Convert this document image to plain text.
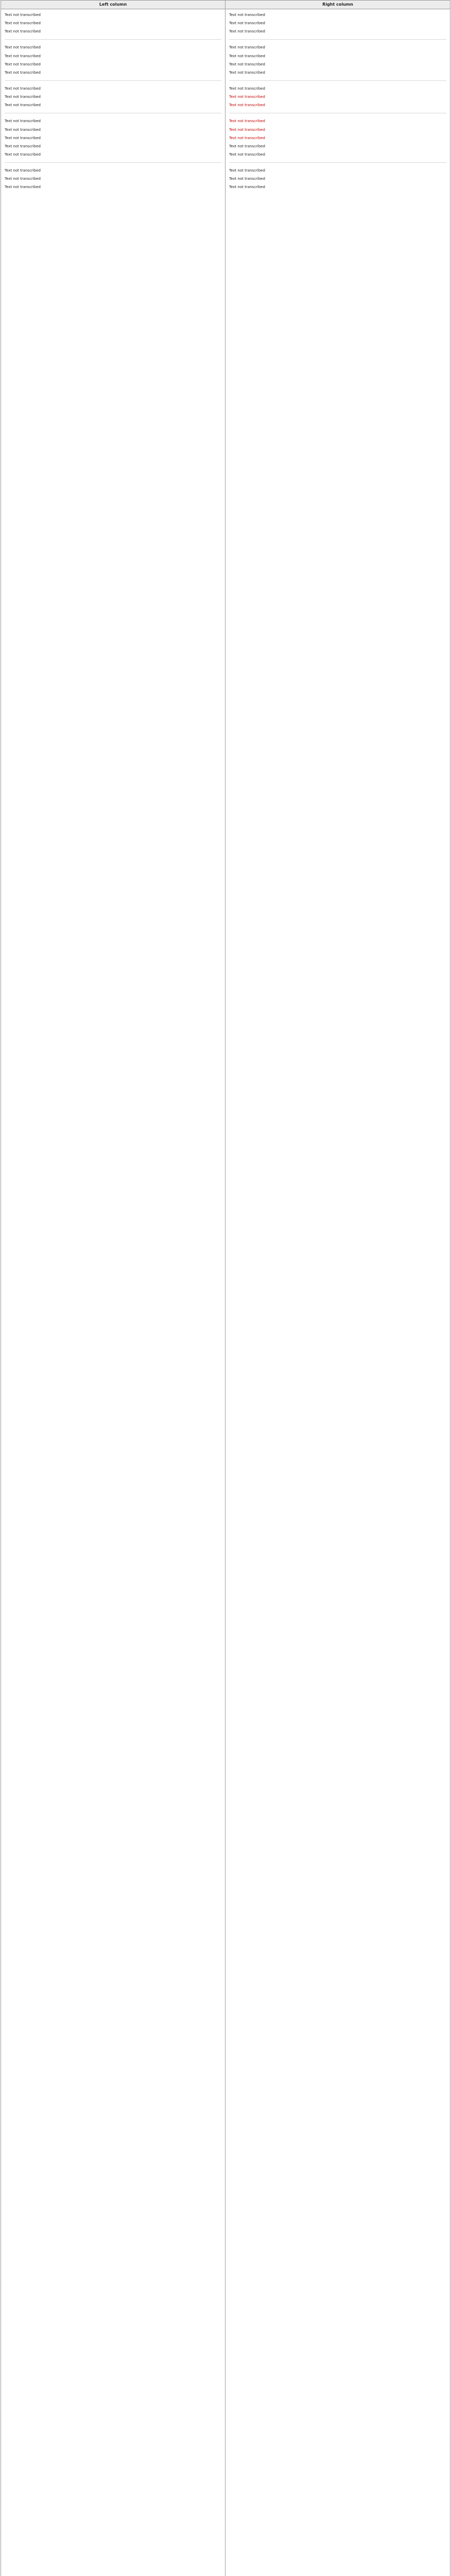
Left column	Right column

Text not transcribed

Text not transcribed

Text not transcribed

Text not transcribed

Text not transcribed

Text not transcribed

Text not transcribed

Text not transcribed

Text not transcribed

Text not transcribed

Text not transcribed

Text not transcribed

Text not transcribed

Text not transcribed

Text not transcribed

Text not transcribed

Text not transcribed

Text not transcribed

Text not transcribed

Text not transcribed

Text not transcribed

Text not transcribed

Text not transcribed

Text not transcribed

Text not transcribed

Text not transcribed

Text not transcribed

Text not transcribed

Text not transcribed

Text not transcribed

Text not transcribed

Text not transcribed

Text not transcribed

Text not transcribed

Text not transcribed

Text not transcribed
